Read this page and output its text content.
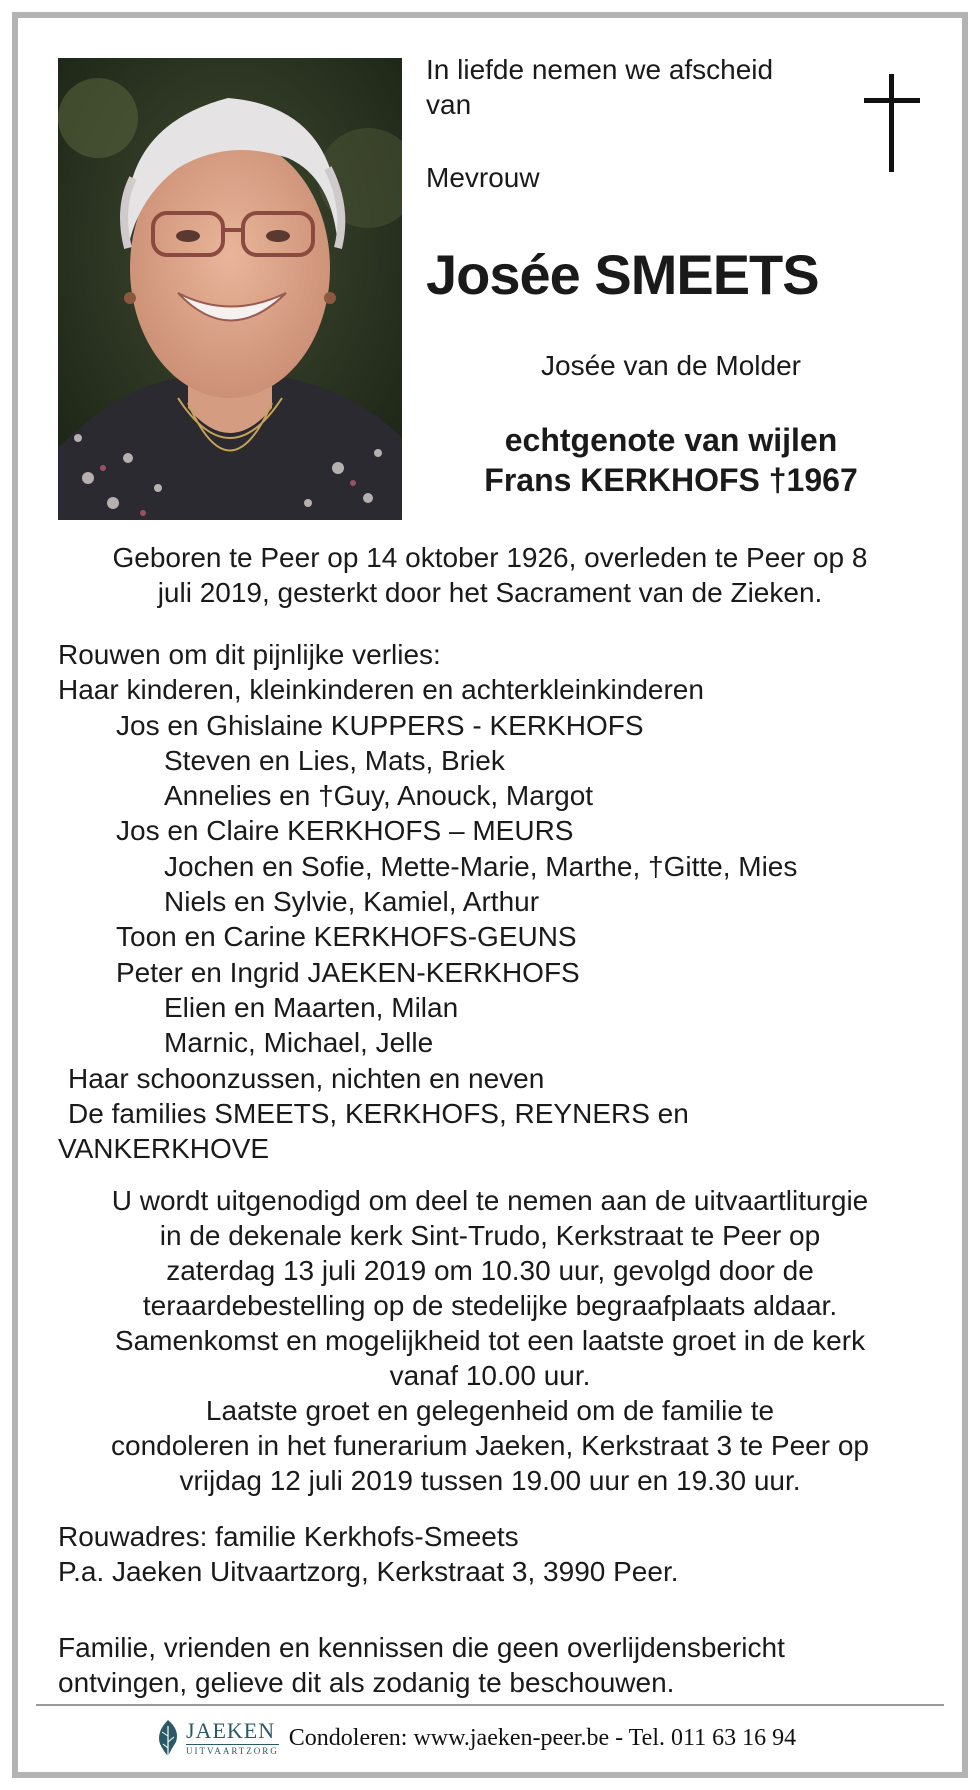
In liefde nemen we afscheid
van
Mevrouw
Josée SMEETS
Josée van de Molder
echtgenote van wijlen
Frans KERKHOFS †1967
Geboren te Peer op 14 oktober 1926, overleden te Peer op 8
juli 2019, gesterkt door het Sacrament van de Zieken.
Rouwen om dit pijnlijke verlies:
Haar kinderen, kleinkinderen en achterkleinkinderen
Jos en Ghislaine KUPPERS - KERKHOFS
Steven en Lies, Mats, Briek
Annelies en †Guy, Anouck, Margot
Jos en Claire KERKHOFS – MEURS
Jochen en Sofie, Mette-Marie, Marthe, †Gitte, Mies
Niels en Sylvie, Kamiel, Arthur
Toon en Carine KERKHOFS-GEUNS
Peter en Ingrid JAEKEN-KERKHOFS
Elien en Maarten, Milan
Marnic, Michael, Jelle
Haar schoonzussen, nichten en neven
De families SMEETS, KERKHOFS, REYNERS en
VANKERKHOVE
U wordt uitgenodigd om deel te nemen aan de uitvaartliturgie
in de dekenale kerk Sint-Trudo, Kerkstraat te Peer op
zaterdag 13 juli 2019 om 10.30 uur, gevolgd door de
teraardebestelling op de stedelijke begraafplaats aldaar.
Samenkomst en mogelijkheid tot een laatste groet in de kerk
vanaf 10.00 uur.
Laatste groet en gelegenheid om de familie te
condoleren in het funerarium Jaeken, Kerkstraat 3 te Peer op
vrijdag 12 juli 2019 tussen 19.00 uur en 19.30 uur.
Rouwadres: familie Kerkhofs-Smeets
P.a. Jaeken Uitvaartzorg, Kerkstraat 3, 3990 Peer.
Familie, vrienden en kennissen die geen overlijdensbericht
ontvingen, gelieve dit als zodanig te beschouwen.
JAEKEN
UITVAARTZORG
Condoleren: www.jaeken-peer.be - Tel. 011 63 16 94
